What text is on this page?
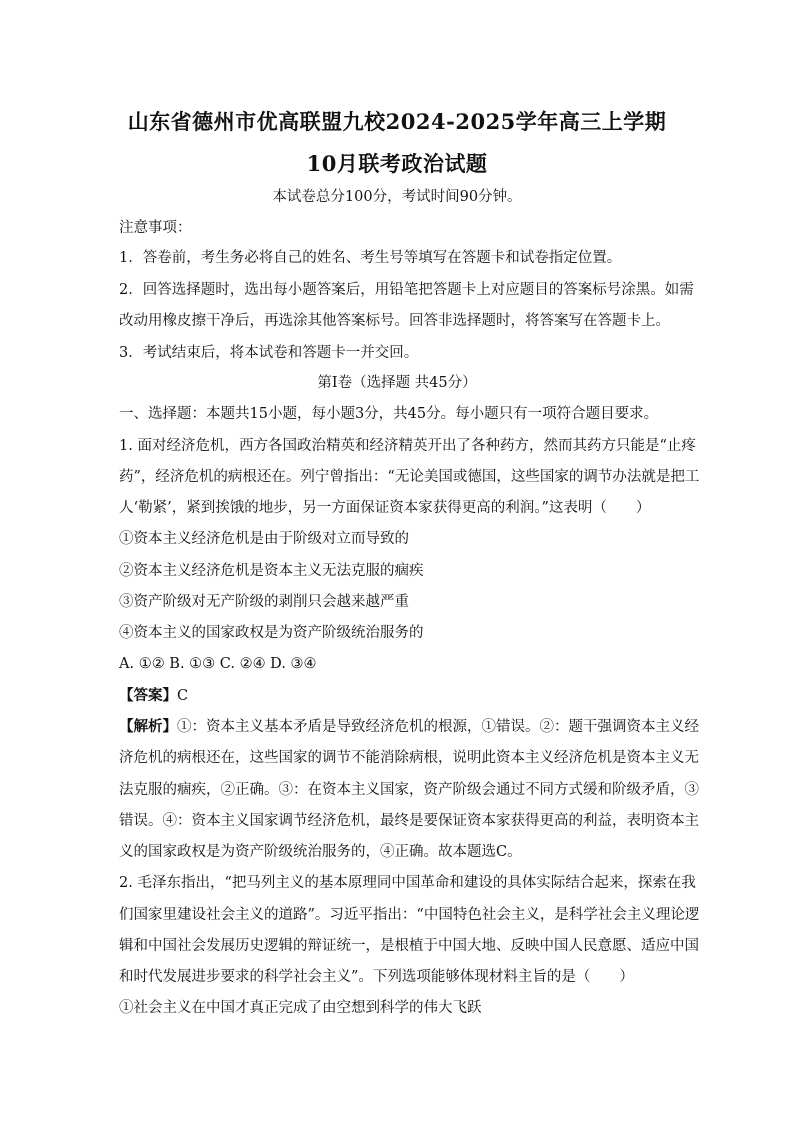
山东省德州市优高联盟九校2024-2025学年高三上学期
10月联考政治试题
本试卷总分100分，考试时间90分钟。
注意事项：
1．答卷前，考生务必将自己的姓名、考生号等填写在答题卡和试卷指定位置。
2．回答选择题时，选出每小题答案后，用铅笔把答题卡上对应题目的答案标号涂黑。如需
改动用橡皮擦干净后，再选涂其他答案标号。回答非选择题时，将答案写在答题卡上。
3．考试结束后，将本试卷和答题卡一并交回。
第Ⅰ卷（选择题 共45分）
一、选择题：本题共15小题，每小题3分，共45分。每小题只有一项符合题目要求。
1. 面对经济危机，西方各国政治精英和经济精英开出了各种药方，然而其药方只能是“止疼
药”，经济危机的病根还在。列宁曾指出：“无论美国或德国，这些国家的调节办法就是把工
人‘勒紧’，紧到挨饿的地步，另一方面保证资本家获得更高的利润。”这表明（　　）
①资本主义经济危机是由于阶级对立而导致的
②资本主义经济危机是资本主义无法克服的痼疾
③资产阶级对无产阶级的剥削只会越来越严重
④资本主义的国家政权是为资产阶级统治服务的
A. ①② B. ①③ C. ②④ D. ③④
【答案】C
【解析】①：资本主义基本矛盾是导致经济危机的根源，①错误。②：题干强调资本主义经
济危机的病根还在，这些国家的调节不能消除病根，说明此资本主义经济危机是资本主义无
法克服的痼疾，②正确。③：在资本主义国家，资产阶级会通过不同方式缓和阶级矛盾，③
错误。④：资本主义国家调节经济危机，最终是要保证资本家获得更高的利益，表明资本主
义的国家政权是为资产阶级统治服务的，④正确。故本题选C。
2. 毛泽东指出，“把马列主义的基本原理同中国革命和建设的具体实际结合起来，探索在我
们国家里建设社会主义的道路”。习近平指出：“中国特色社会主义，是科学社会主义理论逻
辑和中国社会发展历史逻辑的辩证统一，是根植于中国大地、反映中国人民意愿、适应中国
和时代发展进步要求的科学社会主义”。下列选项能够体现材料主旨的是（　　）
①社会主义在中国才真正完成了由空想到科学的伟大飞跃
